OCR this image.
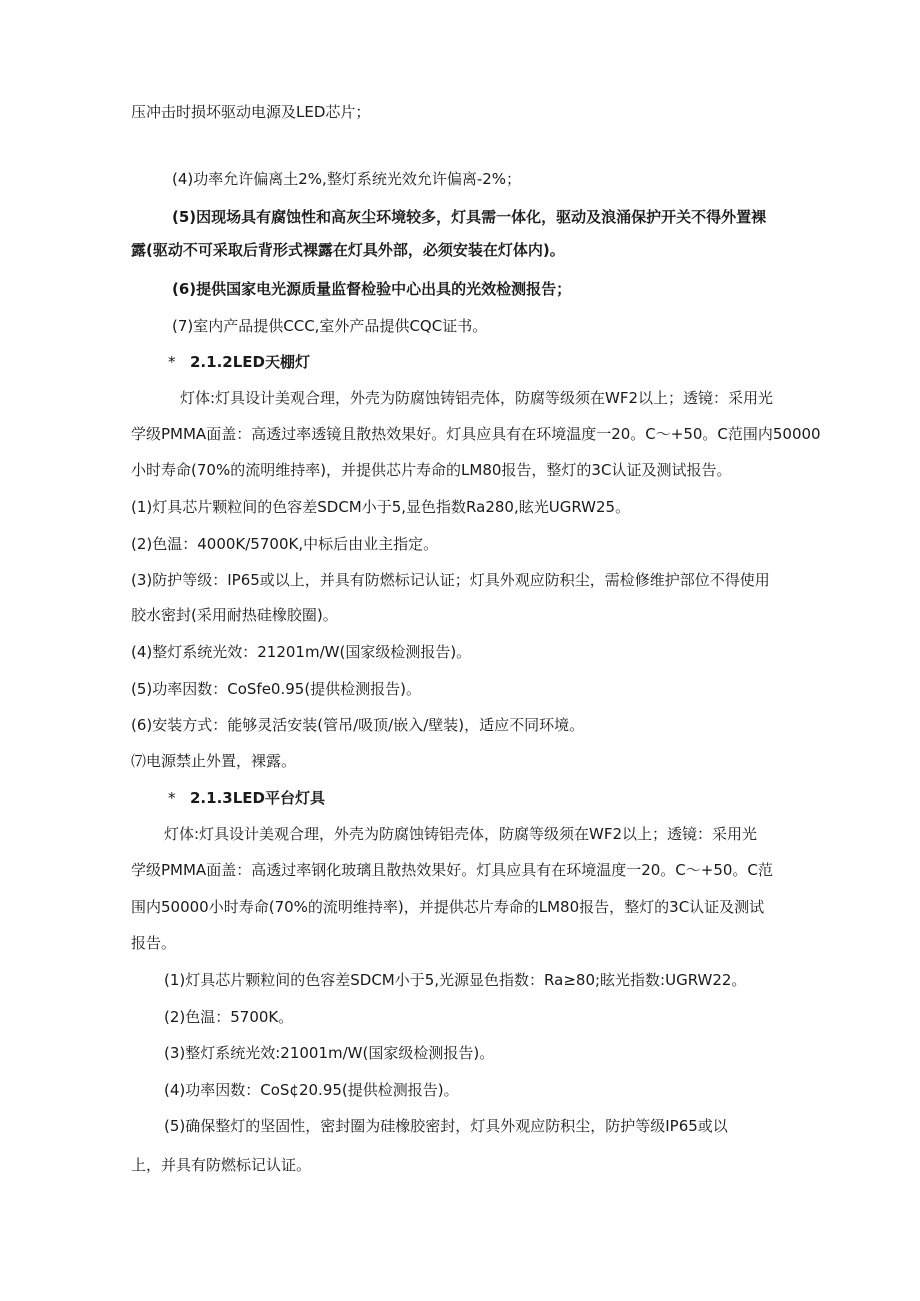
压冲击时损坏驱动电源及LED芯片；
(4)功率允许偏离土2%,整灯系统光效允许偏离-2%；
(5)因现场具有腐蚀性和高灰尘环境较多，灯具需一体化，驱动及浪涌保护开关不得外置裸
露(驱动不可采取后背形式裸露在灯具外部，必须安装在灯体内)。
(6)提供国家电光源质量监督检验中心出具的光效检测报告；
(7)室内产品提供CCC,室外产品提供CQC证书。
* 2.1.2LED天棚灯
灯体:灯具设计美观合理，外壳为防腐蚀铸铝壳体，防腐等级须在WF2以上；透镜：采用光
学级PMMA面盖：高透过率透镜且散热效果好。灯具应具有在环境温度一20。C～+50。C范围内50000
小时寿命(70%的流明维持率)，并提供芯片寿命的LM80报告，整灯的3C认证及测试报告。
(1)灯具芯片颗粒间的色容差SDCM小于5,显色指数Ra280,眩光UGRW25。
(2)色温：4000K/5700K,中标后由业主指定。
(3)防护等级：IP65或以上，并具有防燃标记认证；灯具外观应防积尘，需检修维护部位不得使用
胶水密封(采用耐热硅橡胶圈)。
(4)整灯系统光效：21201m/W(国家级检测报告)。
(5)功率因数：CoSfe0.95(提供检测报告)。
(6)安装方式：能够灵活安装(管吊/吸顶/嵌入/壁装)，适应不同环境。
⑺电源禁止外置，裸露。
* 2.1.3LED平台灯具
灯体:灯具设计美观合理，外壳为防腐蚀铸铝壳体，防腐等级须在WF2以上；透镜：采用光
学级PMMA面盖：高透过率钢化玻璃且散热效果好。灯具应具有在环境温度一20。C～+50。C范
围内50000小时寿命(70%的流明维持率)，并提供芯片寿命的LM80报告，整灯的3C认证及测试
报告。
(1)灯具芯片颗粒间的色容差SDCM小于5,光源显色指数：Ra≥80;眩光指数:UGRW22。
(2)色温：5700K。
(3)整灯系统光效:21001m/W(国家级检测报告)。
(4)功率因数：CoS¢20.95(提供检测报告)。
(5)确保整灯的坚固性，密封圈为硅橡胶密封，灯具外观应防积尘，防护等级IP65或以
上，并具有防燃标记认证。
